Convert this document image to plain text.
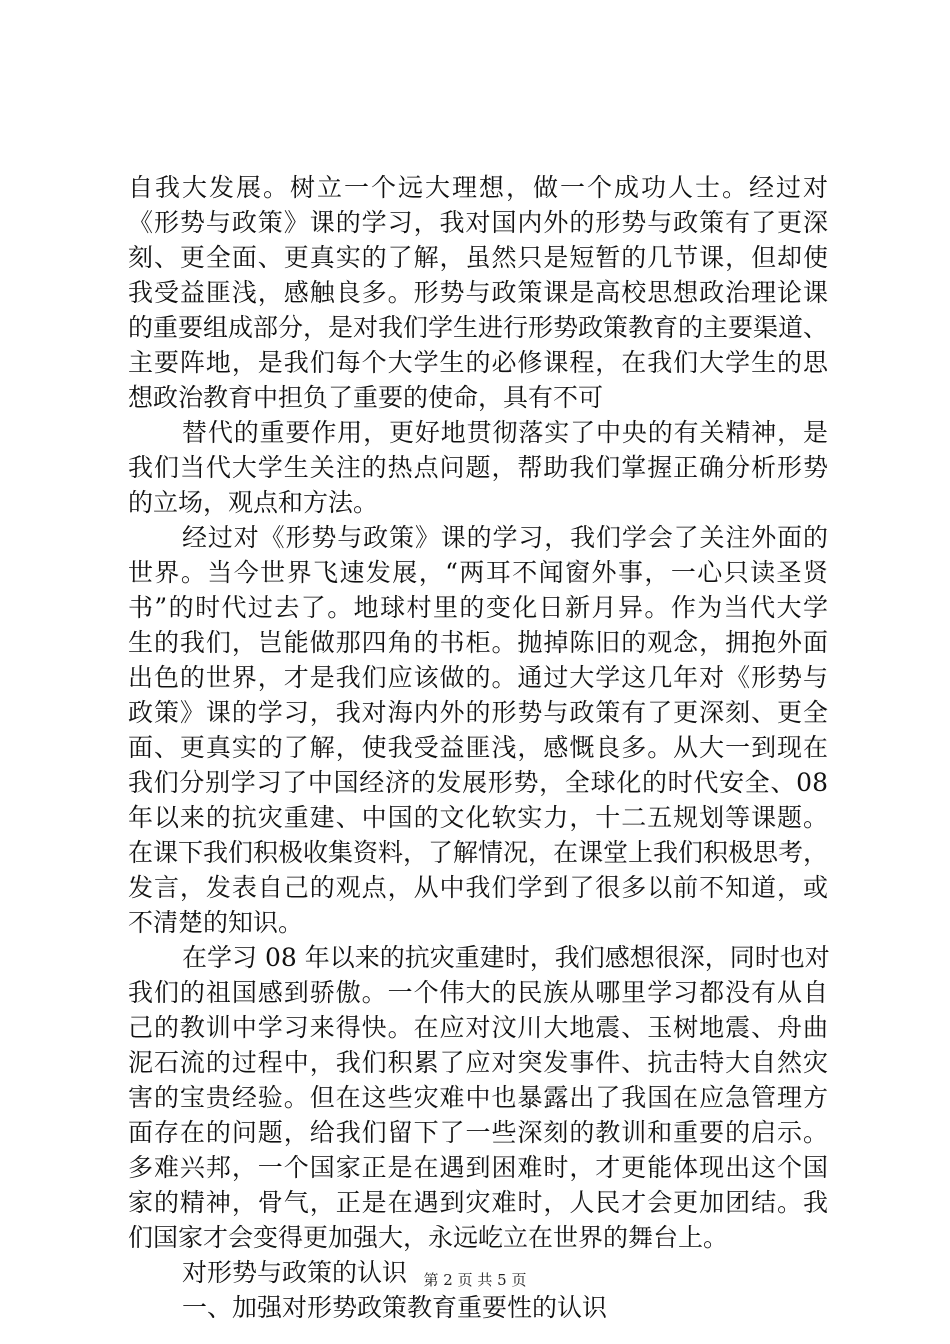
自我大发展。树立一个远大理想，做一个成功人士。经过对
《形势与政策》课的学习，我对国内外的形势与政策有了更深
刻、更全面、更真实的了解，虽然只是短暂的几节课，但却使
我受益匪浅，感触良多。形势与政策课是高校思想政治理论课
的重要组成部分，是对我们学生进行形势政策教育的主要渠道、
主要阵地，是我们每个大学生的必修课程，在我们大学生的思
想政治教育中担负了重要的使命，具有不可
替代的重要作用，更好地贯彻落实了中央的有关精神，是
我们当代大学生关注的热点问题，帮助我们掌握正确分析形势
的立场，观点和方法。
经过对《形势与政策》课的学习，我们学会了关注外面的
世界。当今世界飞速发展，“两耳不闻窗外事，一心只读圣贤
书”的时代过去了。地球村里的变化日新月异。作为当代大学
生的我们，岂能做那四角的书柜。抛掉陈旧的观念，拥抱外面
出色的世界，才是我们应该做的。通过大学这几年对《形势与
政策》课的学习，我对海内外的形势与政策有了更深刻、更全
面、更真实的了解，使我受益匪浅，感慨良多。从大一到现在
我们分别学习了中国经济的发展形势，全球化的时代安全、08
年以来的抗灾重建、中国的文化软实力，十二五规划等课题。
在课下我们积极收集资料，了解情况，在课堂上我们积极思考，
发言，发表自己的观点，从中我们学到了很多以前不知道，或
不清楚的知识。
在学习 08 年以来的抗灾重建时，我们感想很深，同时也对
我们的祖国感到骄傲。一个伟大的民族从哪里学习都没有从自
己的教训中学习来得快。在应对汶川大地震、玉树地震、舟曲
泥石流的过程中，我们积累了应对突发事件、抗击特大自然灾
害的宝贵经验。但在这些灾难中也暴露出了我国在应急管理方
面存在的问题，给我们留下了一些深刻的教训和重要的启示。
多难兴邦，一个国家正是在遇到困难时，才更能体现出这个国
家的精神，骨气，正是在遇到灾难时，人民才会更加团结。我
们国家才会变得更加强大，永远屹立在世界的舞台上。
对形势与政策的认识
一、加强对形势政策教育重要性的认识
第 2 页 共 5 页
